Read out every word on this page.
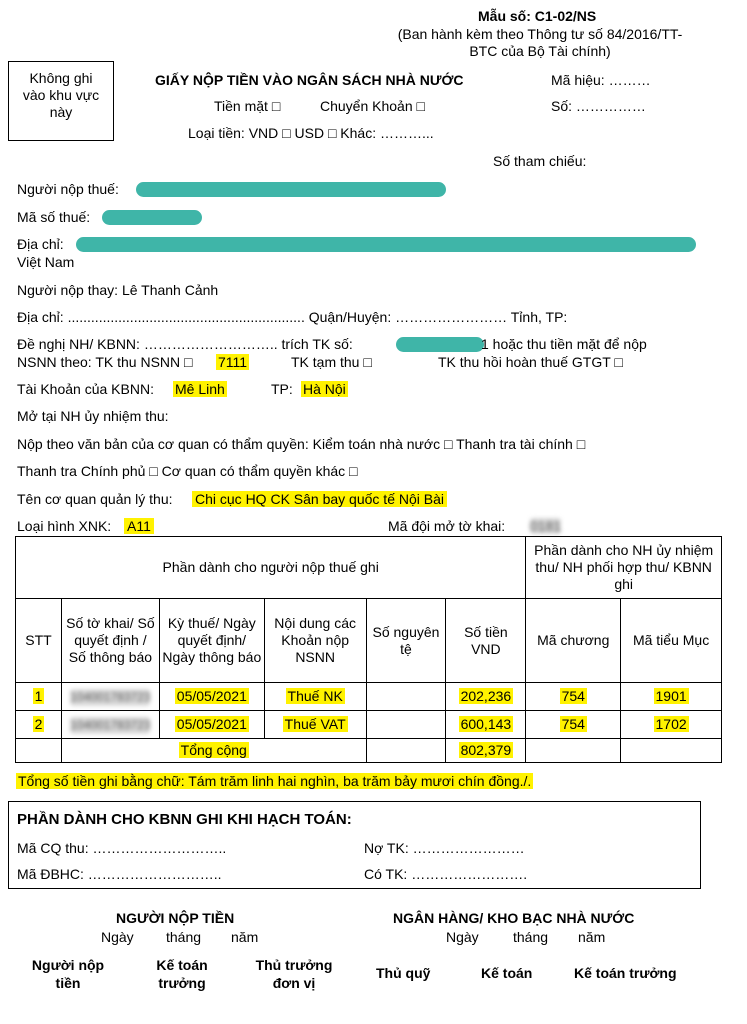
Mẫu số: C1-02/NS
(Ban hành kèm theo Thông tư số 84/2016/TT-
BTC của Bộ Tài chính)
Không ghi
vào khu vực
này
GIẤY NỘP TIỀN VÀO NGÂN SÁCH NHÀ NƯỚC	Mã hiệu: ………
Tiền mặt □	Chuyển Khoản □	Số: ……………
Loại tiền: VND □ USD □ Khác: ………...
Số tham chiếu:
Người nộp thuế:
Mã số thuế:
Địa chỉ:
Việt Nam
Người nộp thay: Lê Thanh Cảnh
Địa chỉ: ............................................................. Quận/Huyện: …………………… Tỉnh, TP:
Đề nghị NH/ KBNN: ……………………….. trích TK số:	1 hoặc thu tiền mặt để nộp
NSNN theo: TK thu NSNN □ 7111	TK tạm thu □	TK thu hồi hoàn thuế GTGT □
Tài Khoản của KBNN: Mê Linh	TP: Hà Nội
Mở tại NH ủy nhiệm thu:
Nộp theo văn bản của cơ quan có thẩm quyền: Kiểm toán nhà nước □ Thanh tra tài chính □
Thanh tra Chính phủ □ Cơ quan có thẩm quyền khác □
Tên cơ quan quản lý thu: Chi cục HQ CK Sân bay quốc tế Nội Bài
Loại hình XNK: A11	Mã đội mở tờ khai: 0181
Phần dành cho người nộp thuế ghi						Phần dành cho NH ủy nhiệm thu/ NH phối hợp thu/ KBNN ghi	
STT	Số tờ khai/ Số quyết định / Số thông báo	Kỳ thuế/ Ngày quyết định/ Ngày thông báo	Nội dung các Khoản nộp NSNN	Số nguyên tệ	Số tiền VND	Mã chương	Mã tiểu Mục
1	104001783723	05/05/2021	Thuế NK		202,236	754	1901
2	104001783723	05/05/2021	Thuế VAT		600,143	754	1702
	Tổng cộng				802,379		
Tổng số tiền ghi bằng chữ: Tám trăm linh hai nghìn, ba trăm bảy mươi chín đồng./.
PHẦN DÀNH CHO KBNN GHI KHI HẠCH TOÁN:
Mã CQ thu: ………………………..	Nợ TK: ……………………
Mã ĐBHC: ………………………..	Có TK: …………………….
NGƯỜI NỘP TIỀN
Ngày tháng năm
NGÂN HÀNG/ KHO BẠC NHÀ NƯỚC
Ngày tháng năm
Người nộp
tiền
Kế toán
trưởng
Thủ trưởng
đơn vị
Thủ quỹ	Kế toán	Kế toán trưởng
